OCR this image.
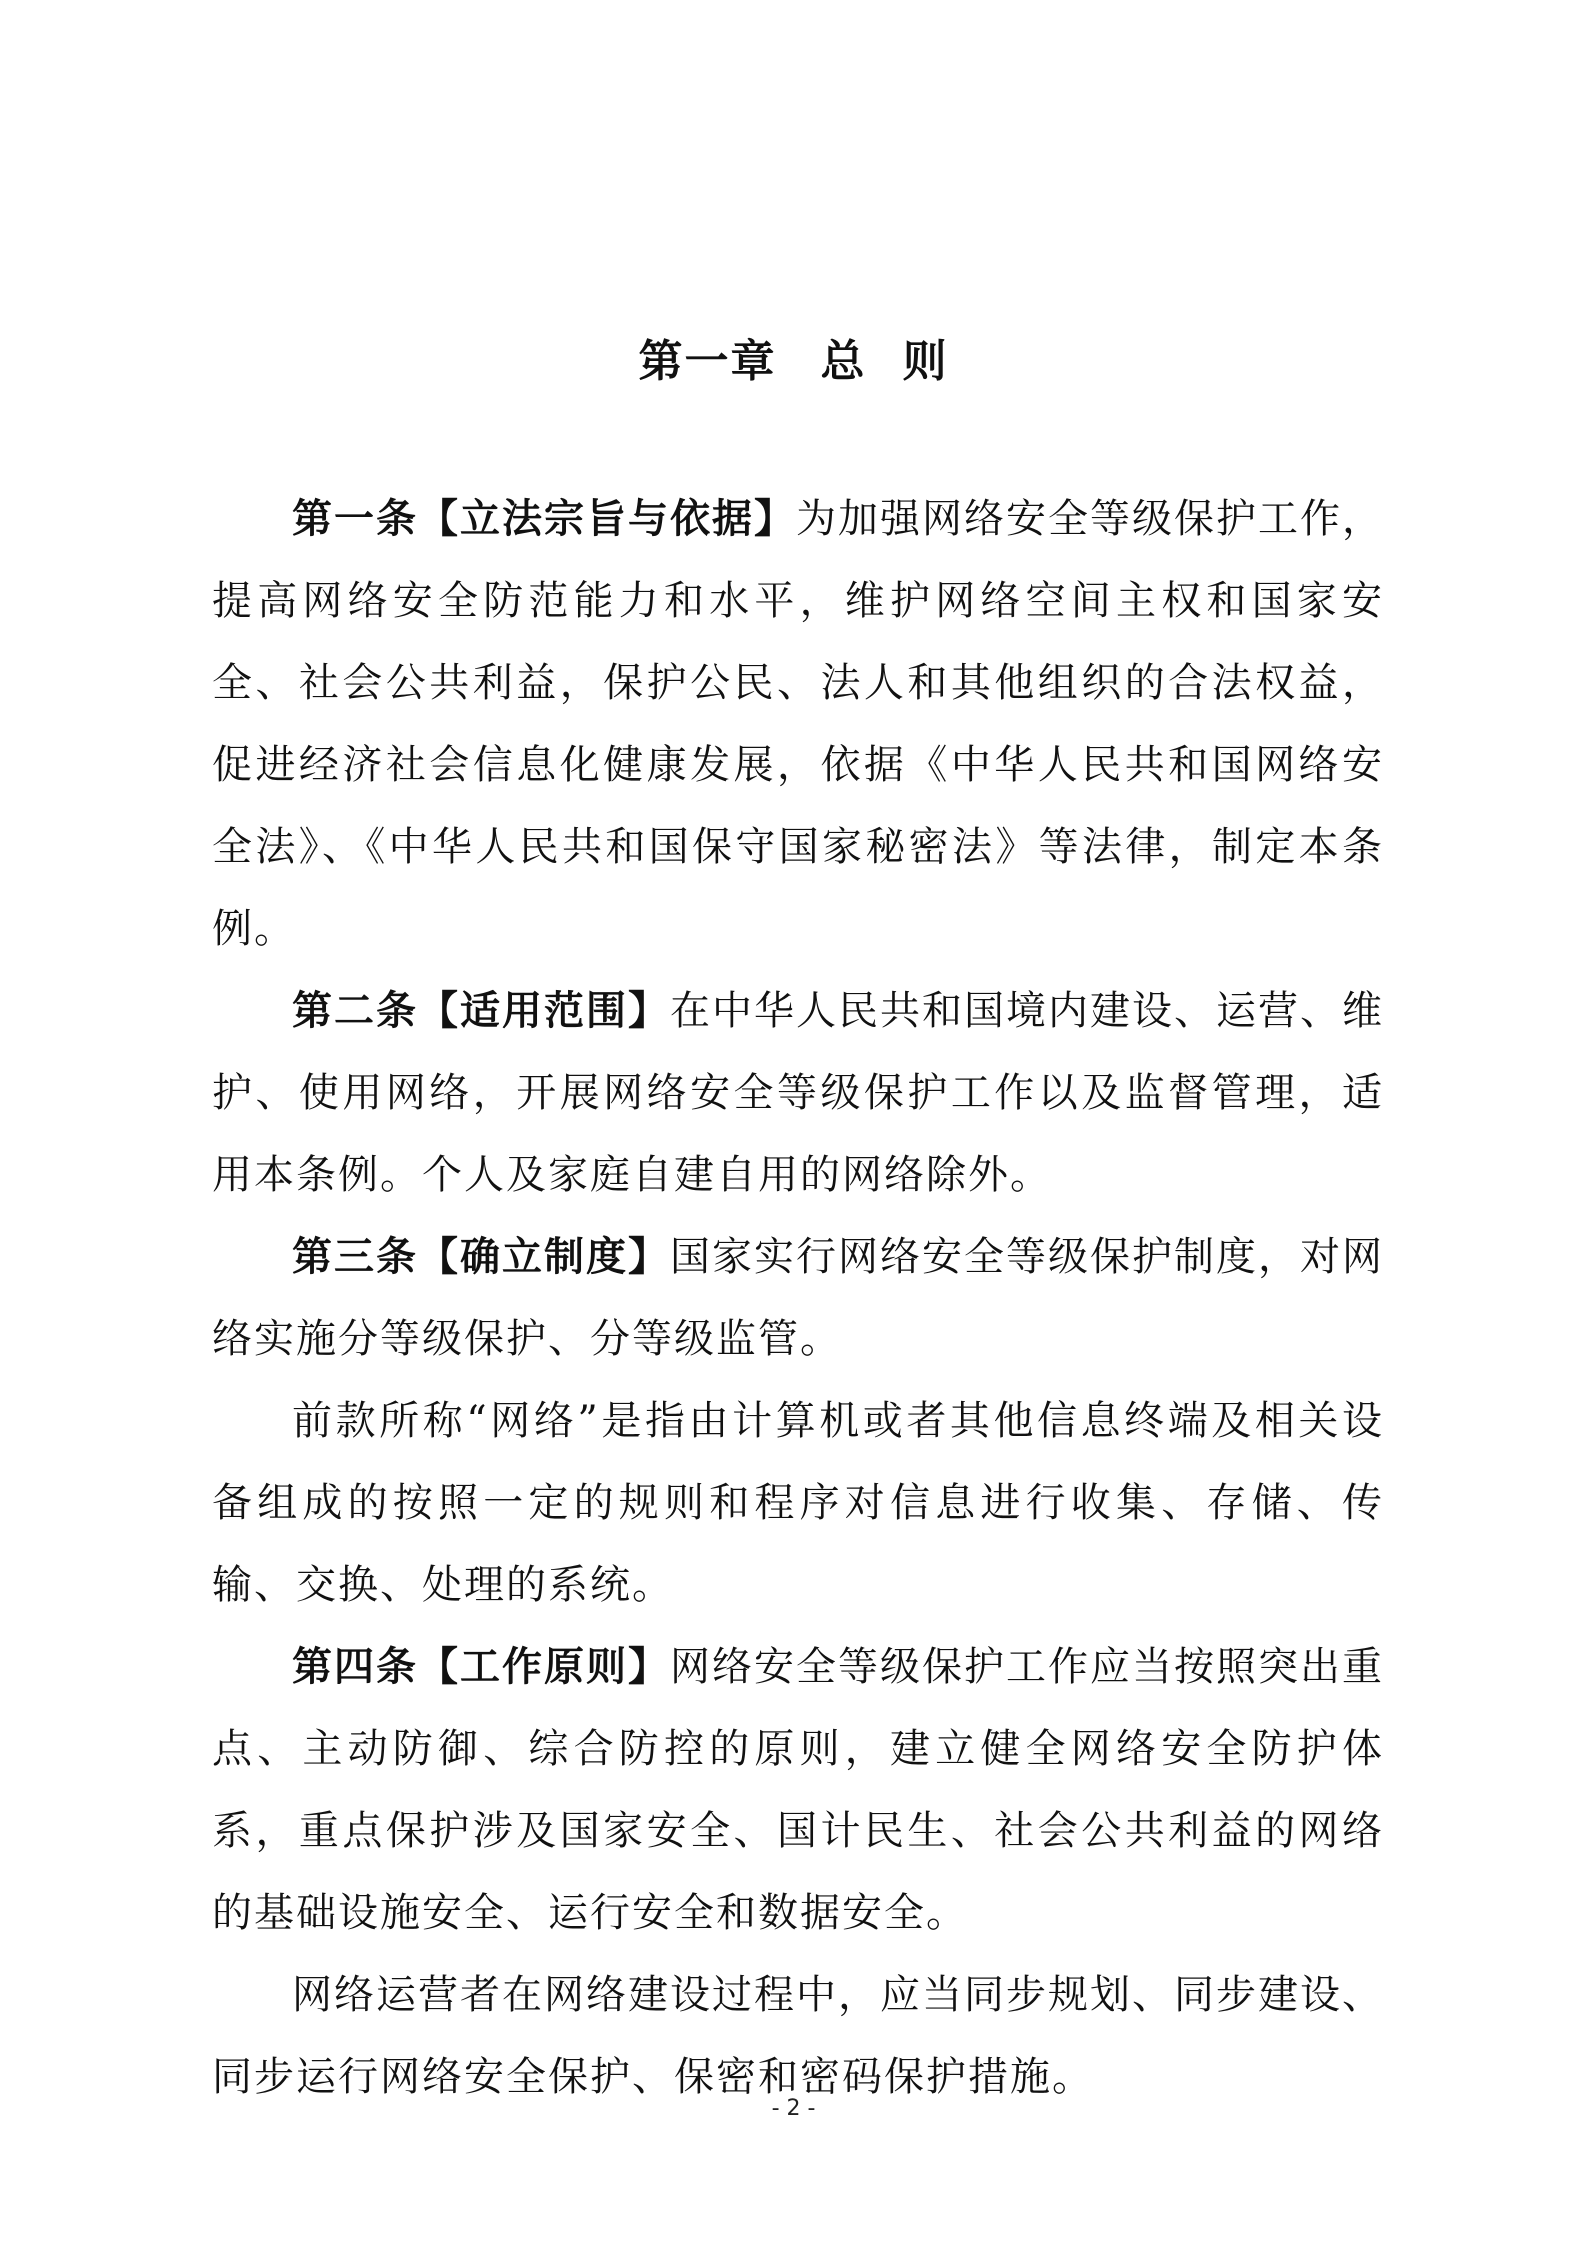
第一章 总 则

第一条【立法宗旨与依据】为加强网络安全等级保护工作，提高网络安全防范能力和水平，维护网络空间主权和国家安全、社会公共利益，保护公民、法人和其他组织的合法权益，促进经济社会信息化健康发展，依据《中华人民共和国网络安全法》、《中华人民共和国保守国家秘密法》等法律，制定本条例。

第二条【适用范围】在中华人民共和国境内建设、运营、维护、使用网络，开展网络安全等级保护工作以及监督管理，适用本条例。个人及家庭自建自用的网络除外。

第三条【确立制度】国家实行网络安全等级保护制度，对网络实施分等级保护、分等级监管。

前款所称“网络”是指由计算机或者其他信息终端及相关设备组成的按照一定的规则和程序对信息进行收集、存储、传输、交换、处理的系统。

第四条【工作原则】网络安全等级保护工作应当按照突出重点、主动防御、综合防控的原则，建立健全网络安全防护体系，重点保护涉及国家安全、国计民生、社会公共利益的网络的基础设施安全、运行安全和数据安全。

网络运营者在网络建设过程中，应当同步规划、同步建设、同步运行网络安全保护、保密和密码保护措施。

- 2 -
